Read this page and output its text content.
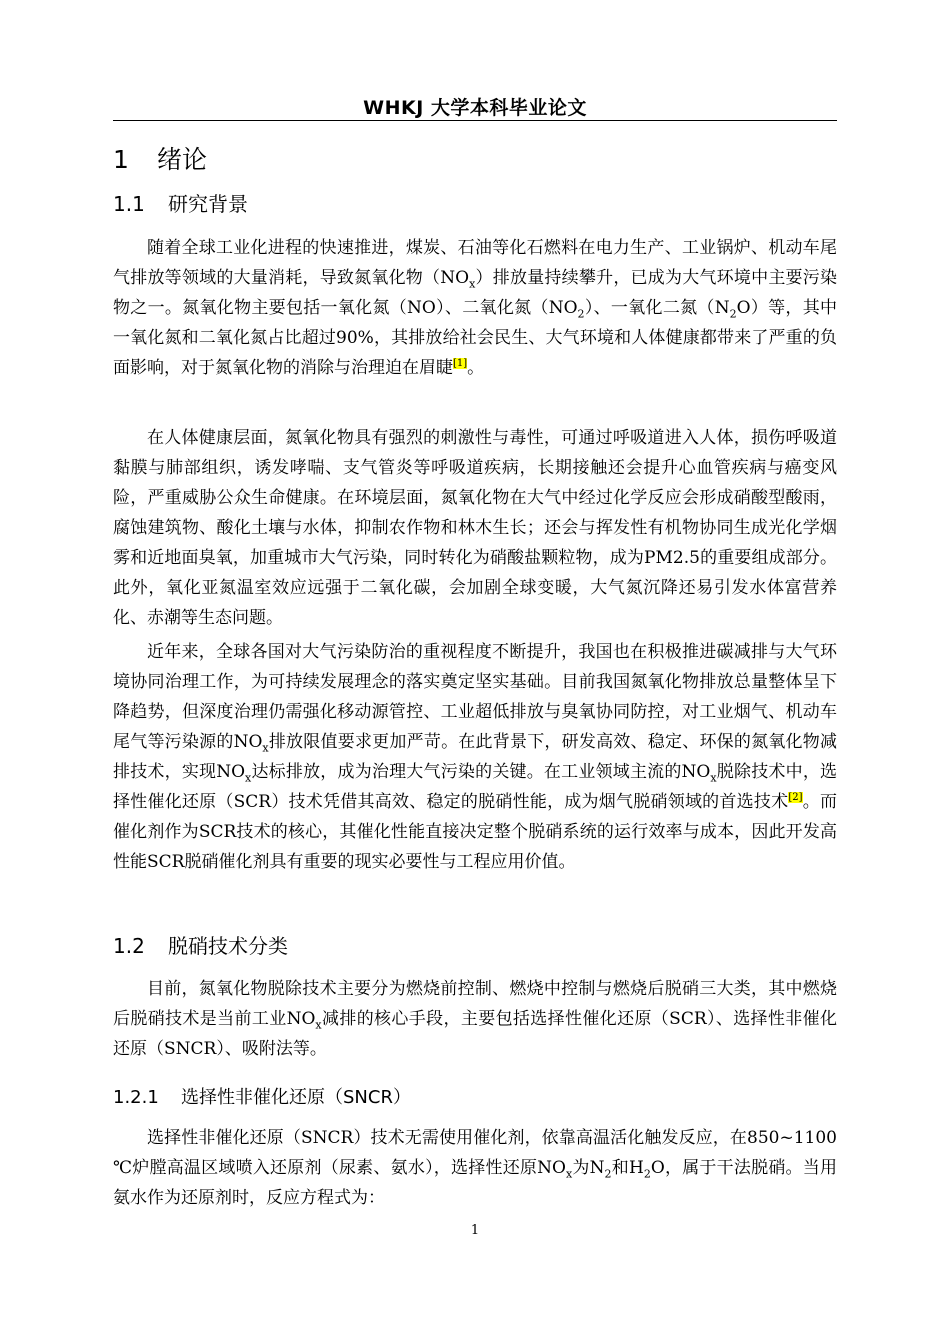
WHKJ 大学本科毕业论文
1 绪论
1.1 研究背景
随着全球工业化进程的快速推进，煤炭、石油等化石燃料在电力生产、工业锅炉、机动车尾气排放等领域的大量消耗，导致氮氧化物$(NO_x)$排放量持续攀升，已成为大气环境中主要污染物之一。氮氧化物主要包括一氧化氮（NO）、二氧化氮$(NO_2)$、一氧化二氮$(N_2O)$等，其中一氧化氮和二氧化氮占比超过90%，其排放给社会民生、大气环境和人体健康都带来了严重的负面影响，对于氮氧化物的消除与治理迫在眉睫[1]。
在人体健康层面，氮氧化物具有强烈的刺激性与毒性，可通过呼吸道进入人体，损伤呼吸道黏膜与肺部组织，诱发哮喘、支气管炎等呼吸道疾病，长期接触还会提升心血管疾病与癌变风险，严重威胁公众生命健康。在环境层面，氮氧化物在大气中经过化学反应会形成硝酸型酸雨，腐蚀建筑物、酸化土壤与水体，抑制农作物和林木生长；还会与挥发性有机物协同生成光化学烟雾和近地面臭氧，加重城市大气污染，同时转化为硝酸盐颗粒物，成为PM2.5的重要组成部分。此外，氧化亚氮温室效应远强于二氧化碳，会加剧全球变暖，大气氮沉降还易引发水体富营养化、赤潮等生态问题。
近年来，全球各国对大气污染防治的重视程度不断提升，我国也在积极推进碳减排与大气环境协同治理工作，为可持续发展理念的落实奠定坚实基础。目前我国氮氧化物排放总量整体呈下降趋势，但深度治理仍需强化移动源管控、工业超低排放与臭氧协同防控，对工业烟气、机动车尾气等污染源的$NO_x$排放限值要求更加严苛。在此背景下，研发高效、稳定、环保的氮氧化物减排技术，实现$NO_x$达标排放，成为治理大气污染的关键。在工业领域主流的$NO_x$脱除技术中，选择性催化还原（SCR）技术凭借其高效、稳定的脱硝性能，成为烟气脱硝领域的首选技术[2]。而催化剂作为SCR技术的核心，其催化性能直接决定整个脱硝系统的运行效率与成本，因此开发高性能SCR脱硝催化剂具有重要的现实必要性与工程应用价值。
1.2 脱硝技术分类
目前，氮氧化物脱除技术主要分为燃烧前控制、燃烧中控制与燃烧后脱硝三大类，其中燃烧后脱硝技术是当前工业$NO_x$减排的核心手段，主要包括选择性催化还原（SCR）、选择性非催化还原（SNCR）、吸附法等。
1.2.1 选择性非催化还原（SNCR）
选择性非催化还原（SNCR）技术无需使用催化剂，依靠高温活化触发反应，在850~1100 ℃炉膛高温区域喷入还原剂（尿素、氨水），选择性还原$NO_x$为$N_2$和$H_2O$，属于干法脱硝。当用氨水作为还原剂时，反应方程式为：
1
